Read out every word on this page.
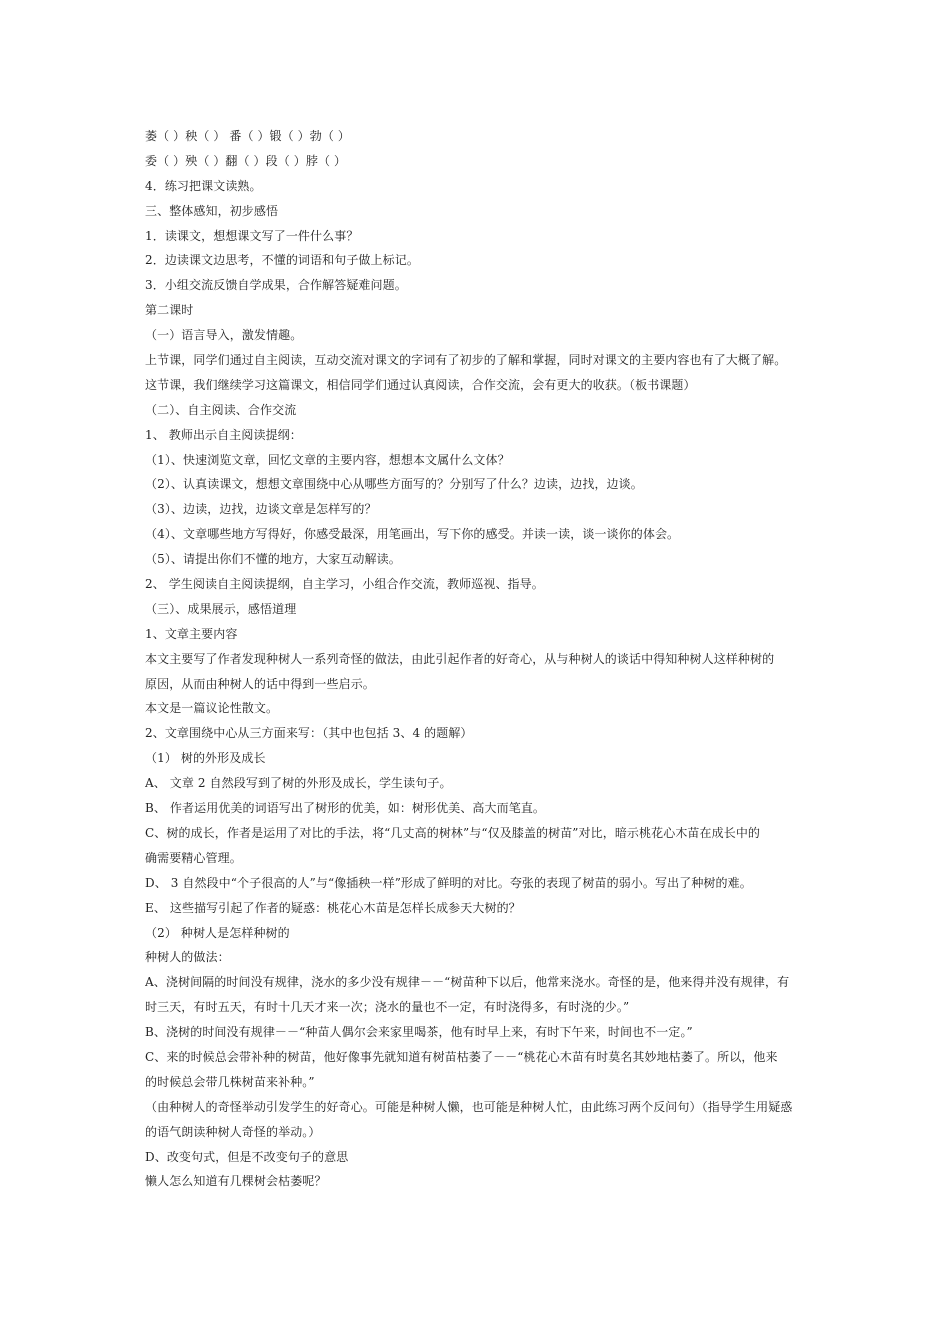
萎（ ）秧（ ） 番（ ）锻（ ）勃（ ）
委（ ）殃（ ）翻（ ）段（ ）脖（ ）
4．练习把课文读熟。
三、整体感知，初步感悟
1．读课文，想想课文写了一件什么事？
2．边读课文边思考，不懂的词语和句子做上标记。
3．小组交流反馈自学成果，合作解答疑难问题。
第二课时
（一）语言导入，激发情趣。
上节课，同学们通过自主阅读，互动交流对课文的字词有了初步的了解和掌握，同时对课文的主要内容也有了大概了解。
这节课，我们继续学习这篇课文，相信同学们通过认真阅读，合作交流，会有更大的收获。（板书课题）
（二）、自主阅读、合作交流
1、 教师出示自主阅读提纲：
（1）、快速浏览文章，回忆文章的主要内容，想想本文属什么文体？
（2）、认真读课文，想想文章围绕中心从哪些方面写的？分别写了什么？边读，边找，边谈。
（3）、边读，边找，边谈文章是怎样写的？
（4）、文章哪些地方写得好，你感受最深，用笔画出，写下你的感受。并读一读，谈一谈你的体会。
（5）、请提出你们不懂的地方，大家互动解读。
2、 学生阅读自主阅读提纲，自主学习，小组合作交流，教师巡视、指导。
（三）、成果展示，感悟道理
1、文章主要内容
本文主要写了作者发现种树人一系列奇怪的做法，由此引起作者的好奇心，从与种树人的谈话中得知种树人这样种树的
原因，从而由种树人的话中得到一些启示。
本文是一篇议论性散文。
2、文章围绕中心从三方面来写：（其中也包括 3、4 的题解）
（1） 树的外形及成长
A、 文章 2 自然段写到了树的外形及成长，学生读句子。
B、 作者运用优美的词语写出了树形的优美，如：树形优美、高大而笔直。
C、树的成长，作者是运用了对比的手法，将“几丈高的树林”与“仅及膝盖的树苗”对比，暗示桃花心木苗在成长中的
确需要精心管理。
D、 3 自然段中“个子很高的人”与“像插秧一样”形成了鲜明的对比。夸张的表现了树苗的弱小。写出了种树的难。
E、 这些描写引起了作者的疑惑：桃花心木苗是怎样长成参天大树的？
（2） 种树人是怎样种树的
种树人的做法：
A、浇树间隔的时间没有规律，浇水的多少没有规律－－“树苗种下以后，他常来浇水。奇怪的是，他来得并没有规律，有
时三天，有时五天，有时十几天才来一次；浇水的量也不一定，有时浇得多，有时浇的少。”
B、浇树的时间没有规律－－“种苗人偶尔会来家里喝茶，他有时早上来，有时下午来，时间也不一定。”
C、来的时候总会带补种的树苗，他好像事先就知道有树苗枯萎了－－“桃花心木苗有时莫名其妙地枯萎了。所以，他来
的时候总会带几株树苗来补种。”
（由种树人的奇怪举动引发学生的好奇心。可能是种树人懒，也可能是种树人忙，由此练习两个反问句）（指导学生用疑惑
的语气朗读种树人奇怪的举动。）
D、改变句式，但是不改变句子的意思
懒人怎么知道有几棵树会枯萎呢？
